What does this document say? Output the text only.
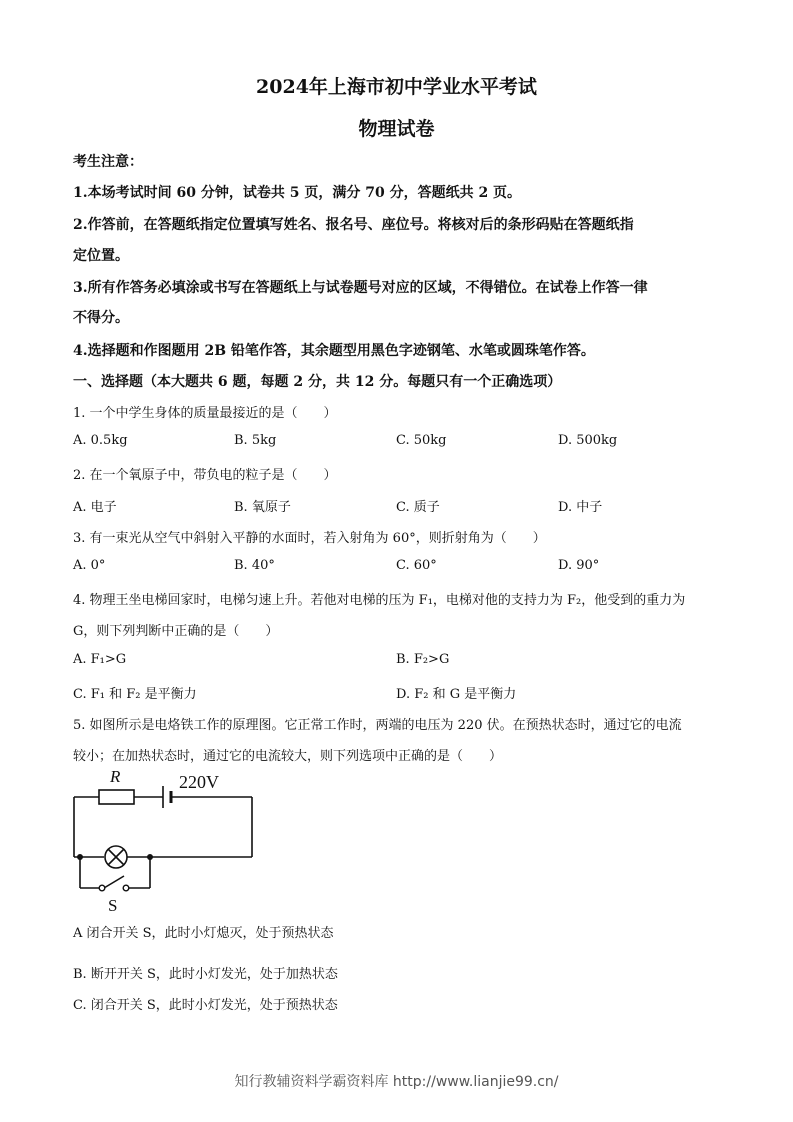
2024年上海市初中学业水平考试
物理试卷
考生注意：
1.本场考试时间 60 分钟，试卷共 5 页，满分 70 分，答题纸共 2 页。
2.作答前，在答题纸指定位置填写姓名、报名号、座位号。将核对后的条形码贴在答题纸指
定位置。
3.所有作答务必填涂或书写在答题纸上与试卷题号对应的区域，不得错位。在试卷上作答一律
不得分。
4.选择题和作图题用 2B 铅笔作答，其余题型用黑色字迹钢笔、水笔或圆珠笔作答。
一、选择题（本大题共 6 题，每题 2 分，共 12 分。每题只有一个正确选项）
1. 一个中学生身体的质量最接近的是（　　）
A. 0.5kg	B. 5kg	C. 50kg	D. 500kg
2. 在一个氧原子中，带负电的粒子是（　　）
A. 电子	B. 氧原子	C. 质子	D. 中子
3. 有一束光从空气中斜射入平静的水面时，若入射角为 60°，则折射角为（　　）
A. 0°	B. 40°	C. 60°	D. 90°
4. 物理王坐电梯回家时，电梯匀速上升。若他对电梯的压为 F₁，电梯对他的支持力为 F₂，他受到的重力为
G，则下列判断中正确的是（　　）
A. F₁>G	B. F₂>G
C. F₁ 和 F₂ 是平衡力	D. F₂ 和 G 是平衡力
5. 如图所示是电烙铁工作的原理图。它正常工作时，两端的电压为 220 伏。在预热状态时，通过它的电流
较小；在加热状态时，通过它的电流较大，则下列选项中正确的是（　　）
R	220V
S
A 闭合开关 S，此时小灯熄灭，处于预热状态
B. 断开开关 S，此时小灯发光，处于加热状态
C. 闭合开关 S，此时小灯发光，处于预热状态
知行教辅资料学霸资料库 http://www.lianjie99.cn/
